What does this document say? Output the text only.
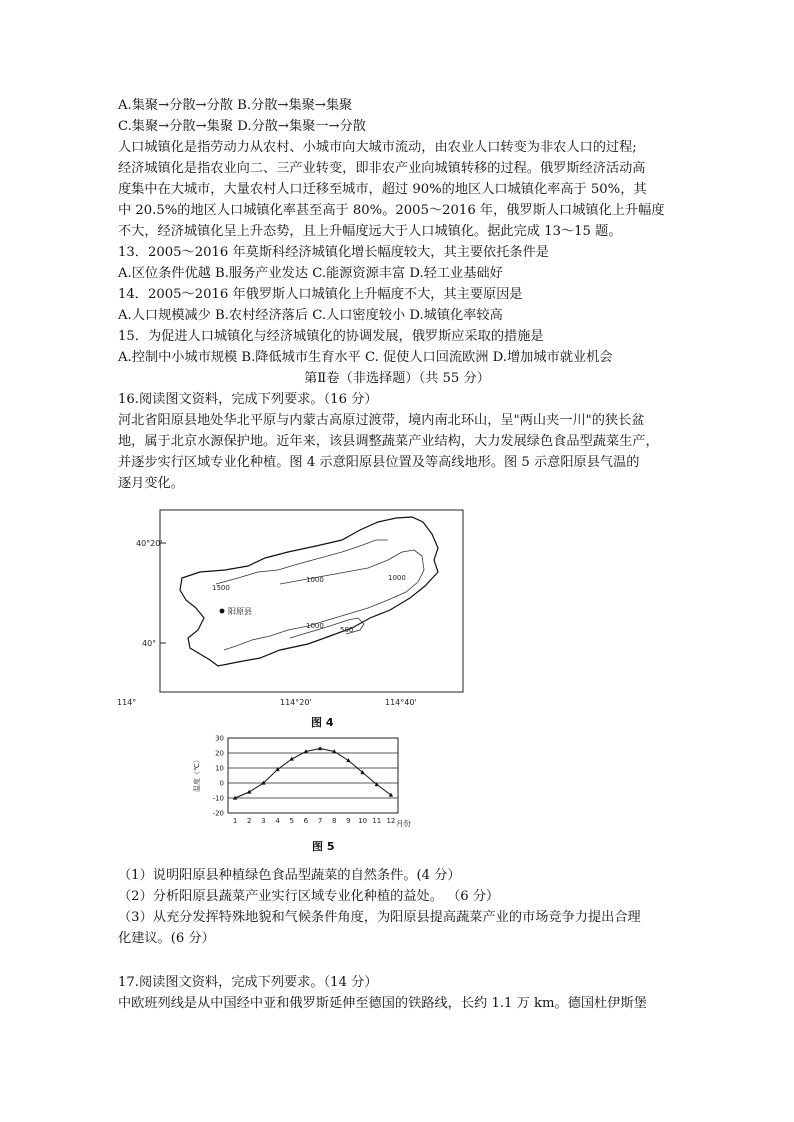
A.集聚→分散→分散 B.分散→集聚→集聚
C.集聚→分散→集聚 D.分散→集聚一→分散
人口城镇化是指劳动力从农村、小城市向大城市流动，由农业人口转变为非农人口的过程;
经济城镇化是指农业向二、三产业转变，即非农产业向城镇转移的过程。俄罗斯经济活动高
度集中在大城市，大量农村人口迁移至城市，超过 90%的地区人口城镇化率高于 50%，其
中 20.5%的地区人口城镇化率甚至高于 80%。2005～2016 年，俄罗斯人口城镇化上升幅度
不大，经济城镇化呈上升态势，且上升幅度远大于人口城镇化。据此完成 13～15 题。
13．2005～2016 年莫斯科经济城镇化增长幅度较大，其主要依托条件是
A.区位条件优越 B.服务产业发达 C.能源资源丰富 D.轻工业基础好
14．2005～2016 年俄罗斯人口城镇化上升幅度不大，其主要原因是
A.人口规模减少 B.农村经济落后 C.人口密度较小 D.城镇化率较高
15．为促进人口城镇化与经济城镇化的协调发展，俄罗斯应采取的措施是
A.控制中小城市规模 B.降低城市生育水平 C. 促使人口回流欧洲 D.增加城市就业机会
第Ⅱ卷（非选择题）（共 55 分）
16.阅读图文资料，完成下列要求。（16 分）
河北省阳原县地处华北平原与内蒙古高原过渡带，境内南北环山，呈"两山夹一川"的狭长盆
地，属于北京水源保护地。近年来，该县调整蔬菜产业结构，大力发展绿色食品型蔬菜生产，
并逐步实行区域专业化种植。图 4 示意阳原县位置及等高线地形。图 5 示意阳原县气温的
逐月变化。
40°20'
40°
114°	114°20'	114°40'
1500
1000	1000
1000 500
阳原县
图 4
温度（℃）
月份
30
20
10
0
-10
-20
1 2 3 4 5 6 7 8 9 10 11 12
图 5
（1）说明阳原县种植绿色食品型蔬菜的自然条件。(4 分）
（2）分析阳原县蔬菜产业实行区域专业化种植的益处。 （6 分）
（3）从充分发挥特殊地貌和气候条件角度，为阳原县提高蔬菜产业的市场竞争力提出合理
化建议。(6 分）
17.阅读图文资料，完成下列要求。（14 分）
中欧班列线是从中国经中亚和俄罗斯延伸至德国的铁路线，长约 1.1 万 km。德国杜伊斯堡
